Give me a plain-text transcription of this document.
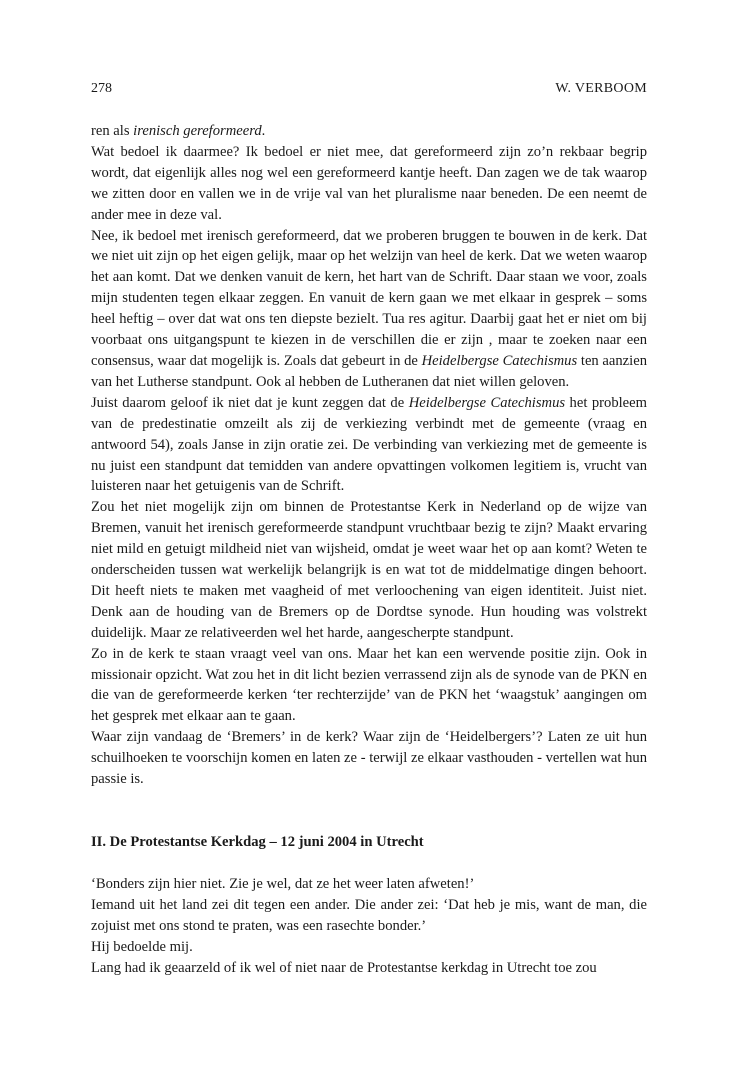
278	W. VERBOOM

ren als irenisch gereformeerd.

Wat bedoel ik daarmee? Ik bedoel er niet mee, dat gereformeerd zijn zo’n rekbaar begrip wordt, dat eigenlijk alles nog wel een gereformeerd kantje heeft. Dan zagen we de tak waarop we zitten door en vallen we in de vrije val van het pluralisme naar beneden. De een neemt de ander mee in deze val.

Nee, ik bedoel met irenisch gereformeerd, dat we proberen bruggen te bouwen in de kerk. Dat we niet uit zijn op het eigen gelijk, maar op het welzijn van heel de kerk. Dat we weten waarop het aan komt. Dat we denken vanuit de kern, het hart van de Schrift. Daar staan we voor, zoals mijn studenten tegen elkaar zeggen. En vanuit de kern gaan we met elkaar in gesprek – soms heel heftig – over dat wat ons ten diepste bezielt. Tua res agitur. Daarbij gaat het er niet om bij voorbaat ons uitgangspunt te kiezen in de verschillen die er zijn , maar te zoeken naar een consensus, waar dat mogelijk is. Zoals dat gebeurt in de Heidelbergse Catechismus ten aanzien van het Lutherse standpunt. Ook al hebben de Lutheranen dat niet willen geloven.

Juist daarom geloof ik niet dat je kunt zeggen dat de Heidelbergse Catechismus het probleem van de predestinatie omzeilt als zij de verkiezing verbindt met de gemeente (vraag en antwoord 54), zoals Janse in zijn oratie zei. De verbinding van verkiezing met de gemeente is nu juist een standpunt dat temidden van andere opvattingen volkomen legitiem is, vrucht van luisteren naar het getuigenis van de Schrift.

Zou het niet mogelijk zijn om binnen de Protestantse Kerk in Nederland op de wijze van Bremen, vanuit het irenisch gereformeerde standpunt vruchtbaar bezig te zijn? Maakt ervaring niet mild en getuigt mildheid niet van wijsheid, omdat je weet waar het op aan komt? Weten te onderscheiden tussen wat werkelijk belangrijk is en wat tot de middelmatige dingen behoort. Dit heeft niets te maken met vaagheid of met verloochening van eigen identiteit. Juist niet. Denk aan de houding van de Bremers op de Dordtse synode. Hun houding was volstrekt duidelijk. Maar ze relativeerden wel het harde, aangescherpte standpunt.

Zo in de kerk te staan vraagt veel van ons. Maar het kan een wervende positie zijn. Ook in missionair opzicht. Wat zou het in dit licht bezien verrassend zijn als de synode van de PKN en die van de gereformeerde kerken ‘ter rechterzijde’ van de PKN het ‘waagstuk’ aangingen om het gesprek met elkaar aan te gaan.

Waar zijn vandaag de ‘Bremers’ in de kerk? Waar zijn de ‘Heidelbergers’? Laten ze uit hun schuilhoeken te voorschijn komen en laten ze - terwijl ze elkaar vasthouden - vertellen wat hun passie is.

II. De Protestantse Kerkdag – 12 juni 2004 in Utrecht

‘Bonders zijn hier niet. Zie je wel, dat ze het weer laten afweten!’

Iemand uit het land zei dit tegen een ander. Die ander zei: ‘Dat heb je mis, want de man, die zojuist met ons stond te praten, was een rasechte bonder.’

Hij bedoelde mij.

Lang had ik geaarzeld of ik wel of niet naar de Protestantse kerkdag in Utrecht toe zou
